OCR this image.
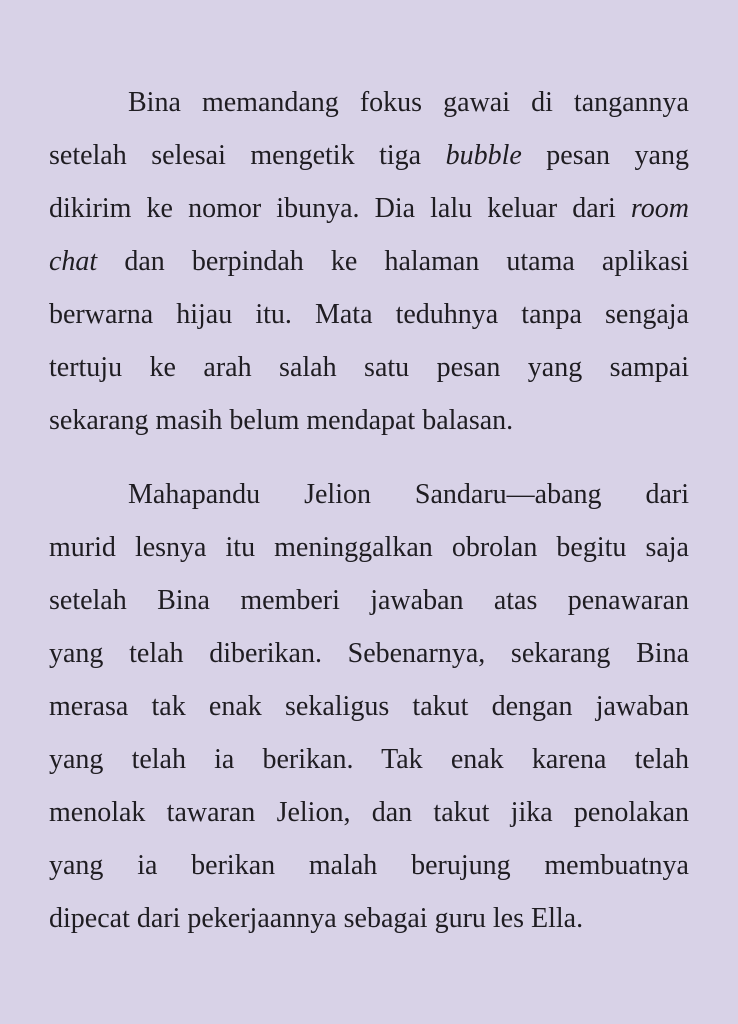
Bina memandang fokus gawai di tangannya
setelah selesai mengetik tiga bubble pesan yang
dikirim ke nomor ibunya. Dia lalu keluar dari room
chat dan berpindah ke halaman utama aplikasi
berwarna hijau itu. Mata teduhnya tanpa sengaja
tertuju ke arah salah satu pesan yang sampai
sekarang masih belum mendapat balasan.
Mahapandu Jelion Sandaru—abang dari
murid lesnya itu meninggalkan obrolan begitu saja
setelah Bina memberi jawaban atas penawaran
yang telah diberikan. Sebenarnya, sekarang Bina
merasa tak enak sekaligus takut dengan jawaban
yang telah ia berikan. Tak enak karena telah
menolak tawaran Jelion, dan takut jika penolakan
yang ia berikan malah berujung membuatnya
dipecat dari pekerjaannya sebagai guru les Ella.
